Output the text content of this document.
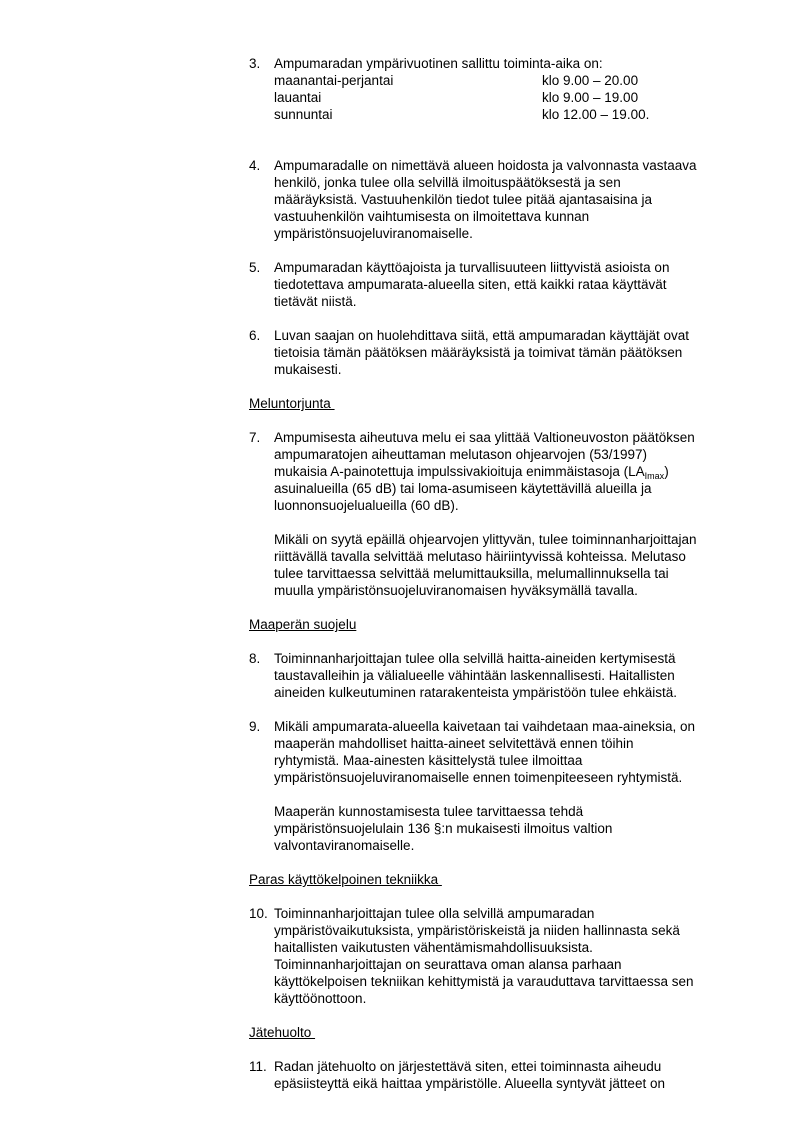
3. Ampumaradan ympärivuotinen sallittu toiminta-aika on:

maanantai-perjantai	klo 9.00 – 20.00
lauantai	klo 9.00 – 19.00
sunnuntai	klo 12.00 – 19.00.
4. Ampumaradalle on nimettävä alueen hoidosta ja valvonnasta vastaava
henkilö, jonka tulee olla selvillä ilmoituspäätöksestä ja sen
määräyksistä. Vastuuhenkilön tiedot tulee pitää ajantasaisina ja
vastuuhenkilön vaihtumisesta on ilmoitettava kunnan
ympäristönsuojeluviranomaiselle.

5. Ampumaradan käyttöajoista ja turvallisuuteen liittyvistä asioista on
tiedotettava ampumarata-alueella siten, että kaikki rataa käyttävät
tietävät niistä.

6. Luvan saajan on huolehdittava siitä, että ampumaradan käyttäjät ovat
tietoisia tämän päätöksen määräyksistä ja toimivat tämän päätöksen
mukaisesti.

Meluntorjunta
7. Ampumisesta aiheutuva melu ei saa ylittää Valtioneuvoston päätöksen
ampumaratojen aiheuttaman melutason ohjearvojen (53/1997)
mukaisia A-painotettuja impulssivakioituja enimmäistasoja $(LA_{Imax})$
asuinalueilla (65 dB) tai loma-asumiseen käytettävillä alueilla ja
luonnonsuojelualueilla (60 dB).

Mikäli on syytä epäillä ohjearvojen ylittyvän, tulee toiminnanharjoittajan
riittävällä tavalla selvittää melutaso häiriintyvissä kohteissa. Melutaso
tulee tarvittaessa selvittää melumittauksilla, melumallinnuksella tai
muulla ympäristönsuojeluviranomaisen hyväksymällä tavalla.

Maaperän suojelu
8. Toiminnanharjoittajan tulee olla selvillä haitta-aineiden kertymisestä
taustavalleihin ja välialueelle vähintään laskennallisesti. Haitallisten
aineiden kulkeutuminen ratarakenteista ympäristöön tulee ehkäistä.

9. Mikäli ampumarata-alueella kaivetaan tai vaihdetaan maa-aineksia, on
maaperän mahdolliset haitta-aineet selvitettävä ennen töihin
ryhtymistä. Maa-ainesten käsittelystä tulee ilmoittaa
ympäristönsuojeluviranomaiselle ennen toimenpiteeseen ryhtymistä.

Maaperän kunnostamisesta tulee tarvittaessa tehdä
ympäristönsuojelulain 136 §:n mukaisesti ilmoitus valtion
valvontaviranomaiselle.

Paras käyttökelpoinen tekniikka
10. Toiminnanharjoittajan tulee olla selvillä ampumaradan
ympäristövaikutuksista, ympäristöriskeistä ja niiden hallinnasta sekä
haitallisten vaikutusten vähentämismahdollisuuksista.
Toiminnanharjoittajan on seurattava oman alansa parhaan
käyttökelpoisen tekniikan kehittymistä ja varauduttava tarvittaessa sen
käyttöönottoon.

Jätehuolto
11. Radan jätehuolto on järjestettävä siten, ettei toiminnasta aiheudu
epäsiisteyttä eikä haittaa ympäristölle. Alueella syntyvät jätteet on
